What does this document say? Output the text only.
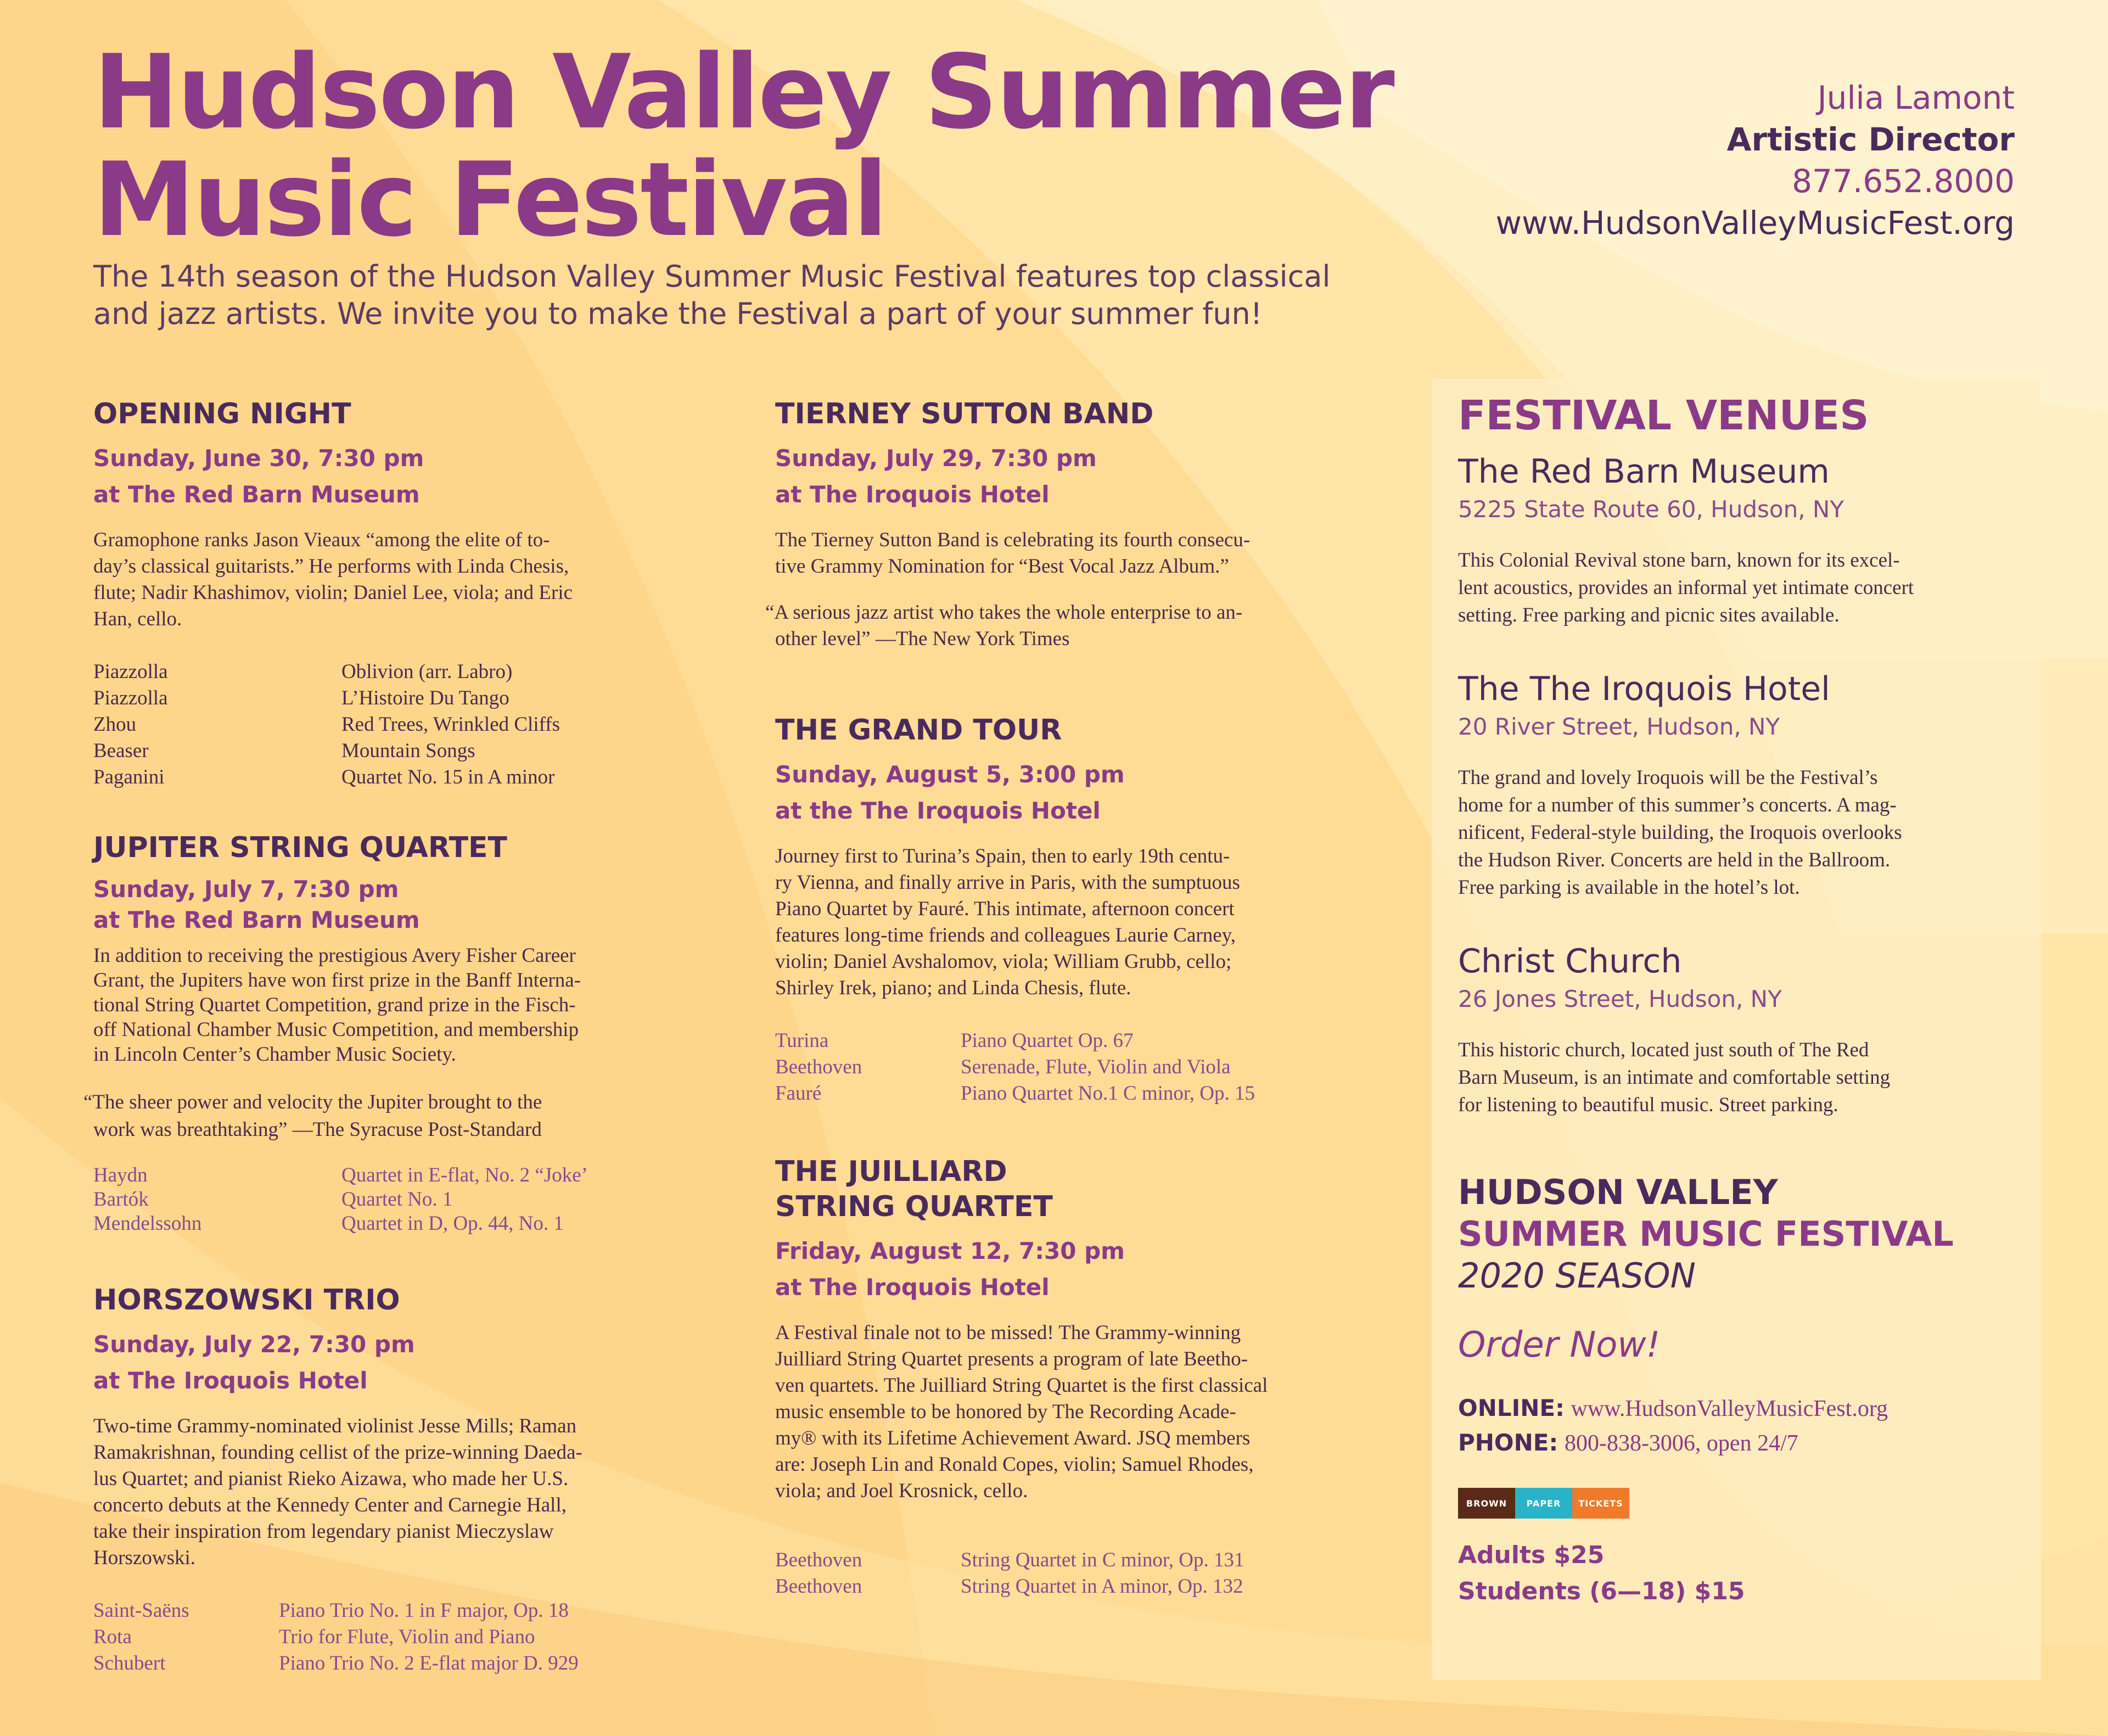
Hudson Valley Summer
Music Festival
The 14th season of the Hudson Valley Summer Music Festival features top classical
and jazz artists. We invite you to make the Festival a part of your summer fun!
Julia Lamont
Artistic Director
877.652.8000
www.HudsonValleyMusicFest.org
OPENING NIGHT
Sunday, June 30, 7:30 pm
at The Red Barn Museum
Gramophone ranks Jason Vieaux “among the elite of to-
day’s classical guitarists.” He performs with Linda Chesis,
flute; Nadir Khashimov, violin; Daniel Lee, viola; and Eric
Han, cello.
Piazzolla	Oblivion (arr. Labro)
Piazzolla	L’Histoire Du Tango
Zhou	Red Trees, Wrinkled Cliffs
Beaser	Mountain Songs
Paganini	Quartet No. 15 in A minor
JUPITER STRING QUARTET
Sunday, July 7, 7:30 pm
at The Red Barn Museum
In addition to receiving the prestigious Avery Fisher Career
Grant, the Jupiters have won first prize in the Banff Interna-
tional String Quartet Competition, grand prize in the Fisch-
off National Chamber Music Competition, and membership
in Lincoln Center’s Chamber Music Society.
“The sheer power and velocity the Jupiter brought to the
work was breathtaking” —The Syracuse Post-Standard
Haydn	Quartet in E-flat, No. 2 “Joke’
Bartók	Quartet No. 1
Mendelssohn	Quartet in D, Op. 44, No. 1
HORSZOWSKI TRIO
Sunday, July 22, 7:30 pm
at The Iroquois Hotel
Two-time Grammy-nominated violinist Jesse Mills; Raman
Ramakrishnan, founding cellist of the prize-winning Daeda-
lus Quartet; and pianist Rieko Aizawa, who made her U.S.
concerto debuts at the Kennedy Center and Carnegie Hall,
take their inspiration from legendary pianist Mieczyslaw
Horszowski.
Saint-Saëns	Piano Trio No. 1 in F major, Op. 18
Rota	Trio for Flute, Violin and Piano
Schubert	Piano Trio No. 2 E-flat major D. 929
TIERNEY SUTTON BAND
Sunday, July 29, 7:30 pm
at The Iroquois Hotel
The Tierney Sutton Band is celebrating its fourth consecu-
tive Grammy Nomination for “Best Vocal Jazz Album.”
“A serious jazz artist who takes the whole enterprise to an-
other level” —The New York Times
THE GRAND TOUR
Sunday, August 5, 3:00 pm
at the The Iroquois Hotel
Journey first to Turina’s Spain, then to early 19th centu-
ry Vienna, and finally arrive in Paris, with the sumptuous
Piano Quartet by Fauré. This intimate, afternoon concert
features long-time friends and colleagues Laurie Carney,
violin; Daniel Avshalomov, viola; William Grubb, cello;
Shirley Irek, piano; and Linda Chesis, flute.
Turina	Piano Quartet Op. 67
Beethoven	Serenade, Flute, Violin and Viola
Fauré	Piano Quartet No.1 C minor, Op. 15
THE JUILLIARD
STRING QUARTET
Friday, August 12, 7:30 pm
at The Iroquois Hotel
A Festival finale not to be missed! The Grammy-winning
Juilliard String Quartet presents a program of late Beetho-
ven quartets. The Juilliard String Quartet is the first classical
music ensemble to be honored by The Recording Acade-
my® with its Lifetime Achievement Award. JSQ members
are: Joseph Lin and Ronald Copes, violin; Samuel Rhodes,
viola; and Joel Krosnick, cello.
Beethoven	String Quartet in C minor, Op. 131
Beethoven	String Quartet in A minor, Op. 132
FESTIVAL VENUES
The Red Barn Museum
5225 State Route 60, Hudson, NY
This Colonial Revival stone barn, known for its excel-
lent acoustics, provides an informal yet intimate concert
setting. Free parking and picnic sites available.
The The Iroquois Hotel
20 River Street, Hudson, NY
The grand and lovely Iroquois will be the Festival’s
home for a number of this summer’s concerts. A mag-
nificent, Federal-style building, the Iroquois overlooks
the Hudson River. Concerts are held in the Ballroom.
Free parking is available in the hotel’s lot.
Christ Church
26 Jones Street, Hudson, NY
This historic church, located just south of The Red
Barn Museum, is an intimate and comfortable setting
for listening to beautiful music. Street parking.
HUDSON VALLEY
SUMMER MUSIC FESTIVAL
2020 SEASON
Order Now!
ONLINE: www.HudsonValleyMusicFest.org
PHONE: 800-838-3006, open 24/7
BROWN	PAPER	TICKETS
Adults $25
Students (6—18) $15
